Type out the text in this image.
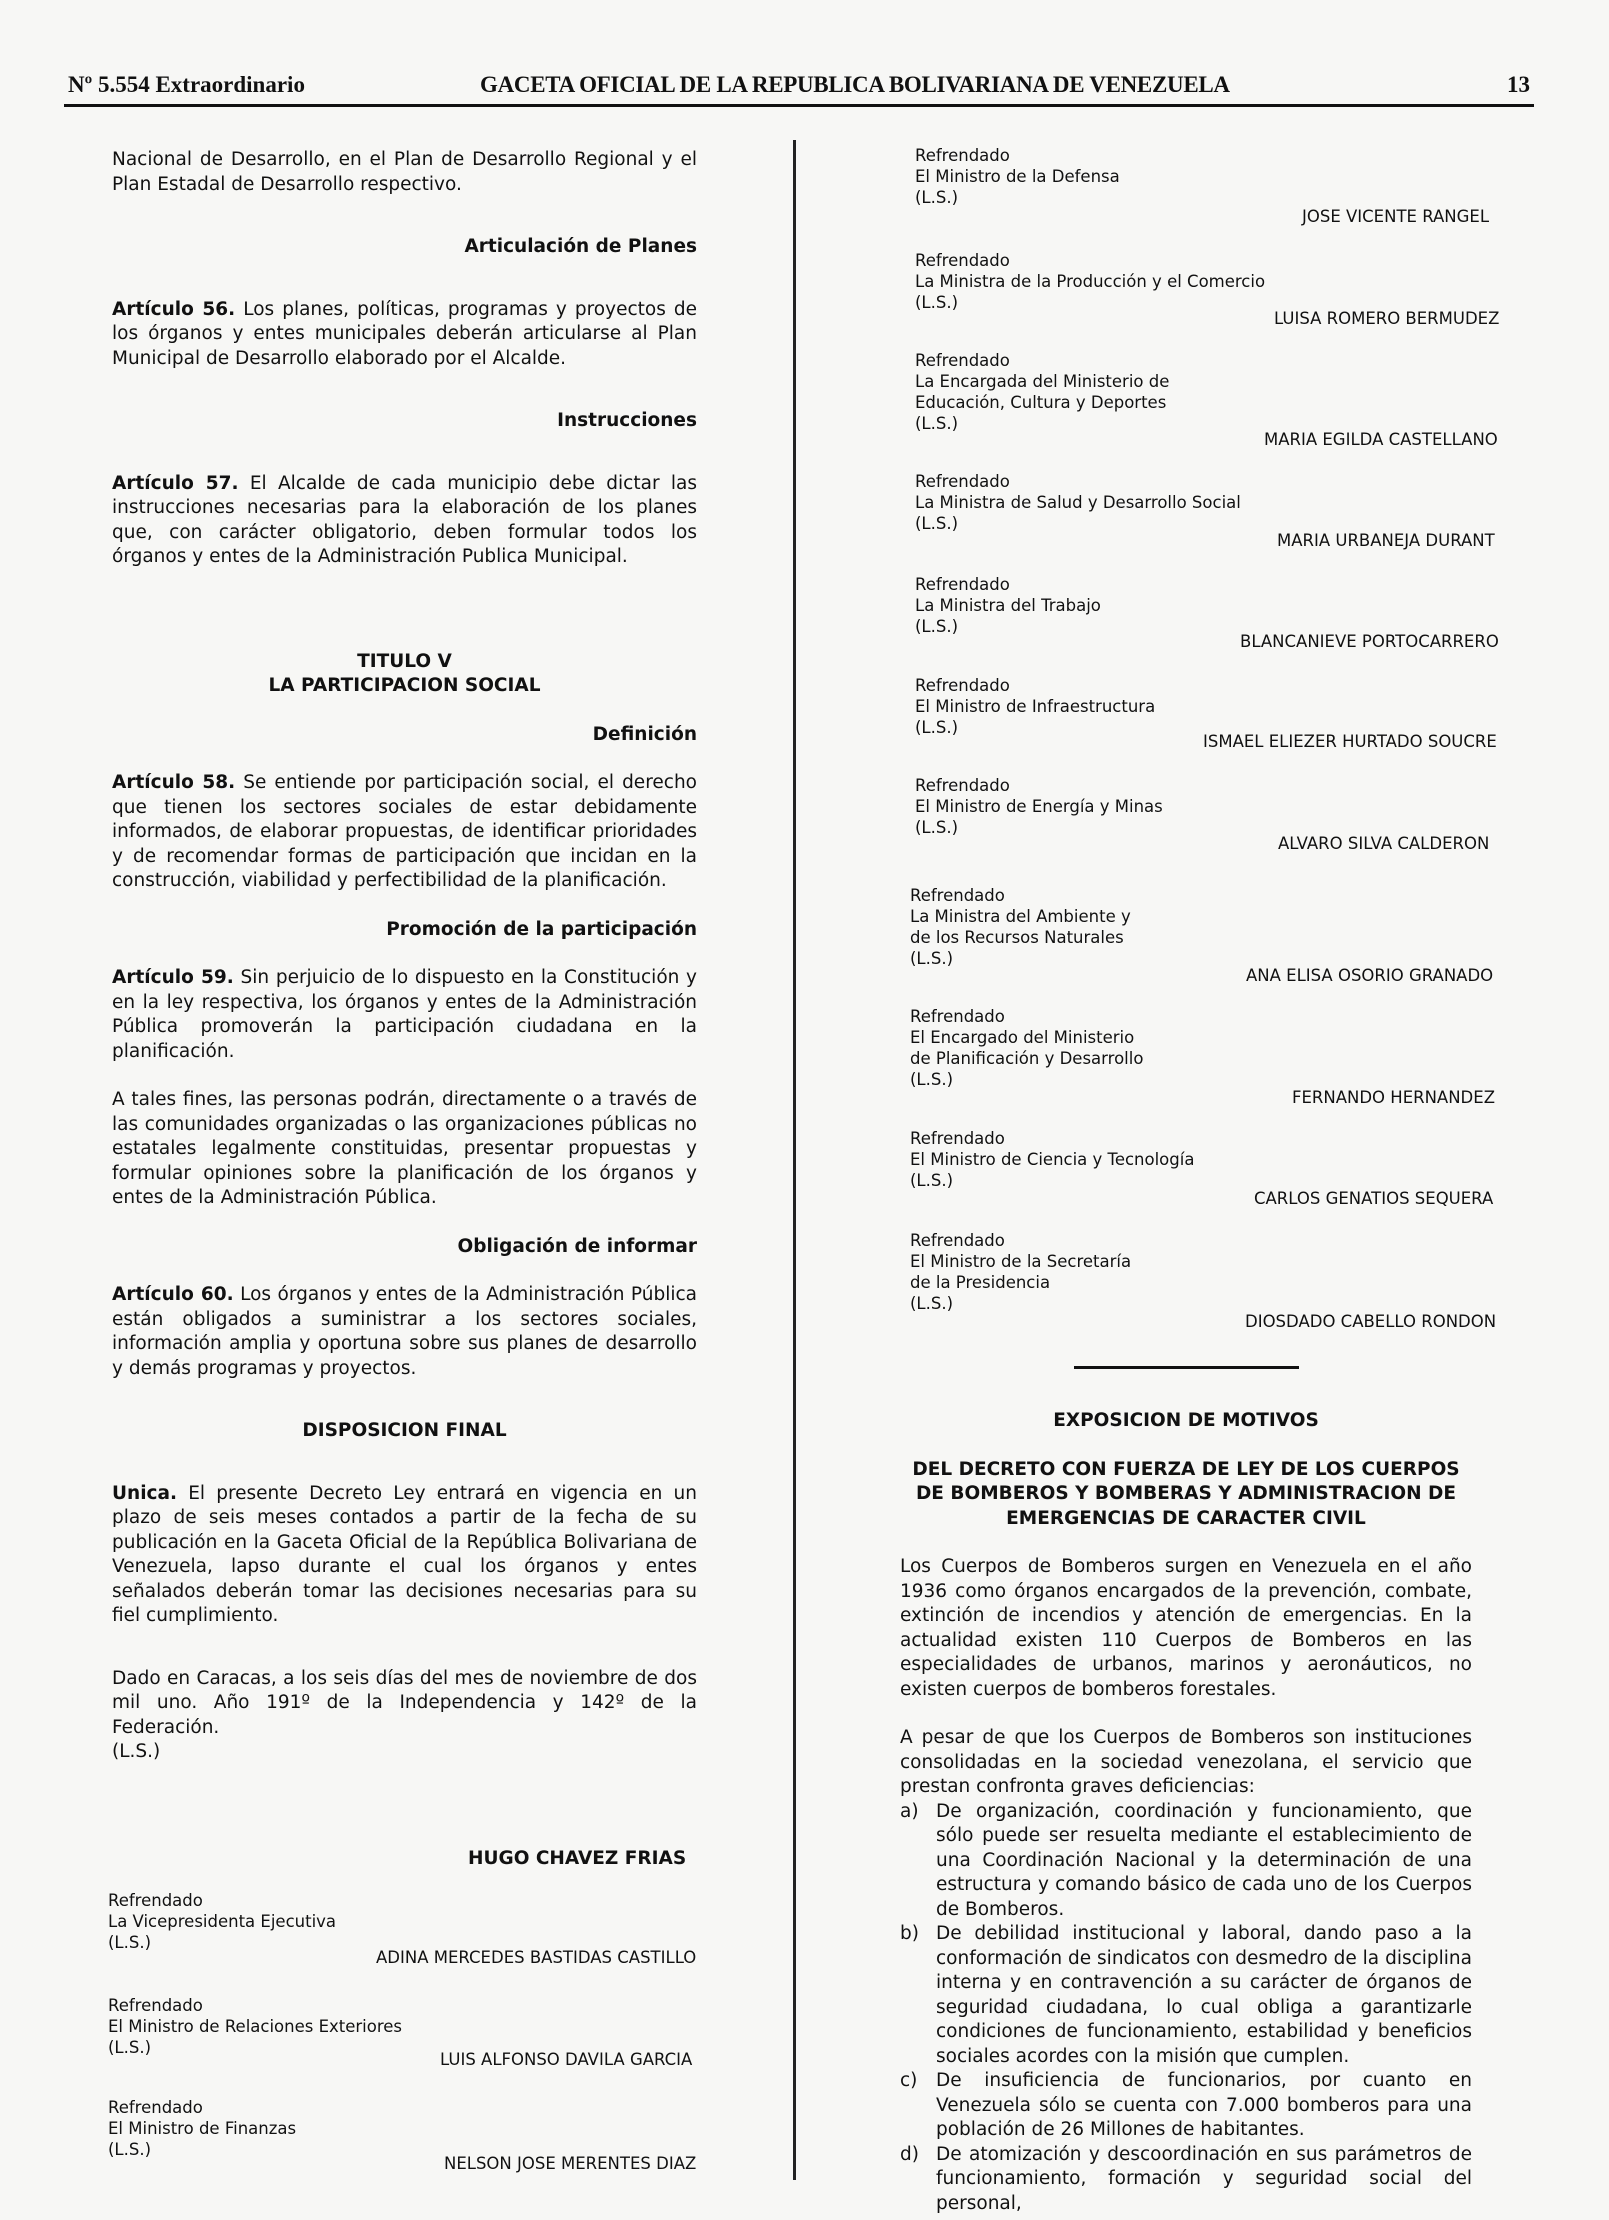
Nº 5.554 Extraordinario	GACETA OFICIAL DE LA REPUBLICA BOLIVARIANA DE VENEZUELA	13

Nacional de Desarrollo, en el Plan de Desarrollo Regional y el Plan Estadal de Desarrollo respectivo.

Articulación de Planes

Artículo 56. Los planes, políticas, programas y proyectos de los órganos y entes municipales deberán articularse al Plan Municipal de Desarrollo elaborado por el Alcalde.

Instrucciones

Artículo 57. El Alcalde de cada municipio debe dictar las instrucciones necesarias para la elaboración de los planes que, con carácter obligatorio, deben formular todos los órganos y entes de la Administración Publica Municipal.

TITULO V

LA PARTICIPACION SOCIAL

Definición

Artículo 58. Se entiende por participación social, el derecho que tienen los sectores sociales de estar debidamente informados, de elaborar propuestas, de identificar prioridades y de recomendar formas de participación que incidan en la construcción, viabilidad y perfectibilidad de la planificación.

Promoción de la participación

Artículo 59. Sin perjuicio de lo dispuesto en la Constitución y en la ley respectiva, los órganos y entes de la Administración Pública promoverán la participación ciudadana en la planificación.

A tales fines, las personas podrán, directamente o a través de las comunidades organizadas o las organizaciones públicas no estatales legalmente constituidas, presentar propuestas y formular opiniones sobre la planificación de los órganos y entes de la Administración Pública.

Obligación de informar

Artículo 60. Los órganos y entes de la Administración Pública están obligados a suministrar a los sectores sociales, información amplia y oportuna sobre sus planes de desarrollo y demás programas y proyectos.

DISPOSICION FINAL

Unica. El presente Decreto Ley entrará en vigencia en un plazo de seis meses contados a partir de la fecha de su publicación en la Gaceta Oficial de la República Bolivariana de Venezuela, lapso durante el cual los órganos y entes señalados deberán tomar las decisiones necesarias para su fiel cumplimiento.

Dado en Caracas, a los seis días del mes de noviembre de dos mil uno. Año 191º de la Independencia y 142º de la Federación.

(L.S.)

HUGO CHAVEZ FRIAS
Refrendado
La Vicepresidenta Ejecutiva
(L.S.)
ADINA MERCEDES BASTIDAS CASTILLO
Refrendado
El Ministro de Relaciones Exteriores
(L.S.)
LUIS ALFONSO DAVILA GARCIA
Refrendado
El Ministro de Finanzas
(L.S.)
NELSON JOSE MERENTES DIAZ
Refrendado
El Ministro de la Defensa
(L.S.)
JOSE VICENTE RANGEL
Refrendado
La Ministra de la Producción y el Comercio
(L.S.)
LUISA ROMERO BERMUDEZ
Refrendado
La Encargada del Ministerio de Educación, Cultura y Deportes
(L.S.)
MARIA EGILDA CASTELLANO
Refrendado
La Ministra de Salud y Desarrollo Social
(L.S.)
MARIA URBANEJA DURANT
Refrendado
La Ministra del Trabajo
(L.S.)
BLANCANIEVE PORTOCARRERO
Refrendado
El Ministro de Infraestructura
(L.S.)
ISMAEL ELIEZER HURTADO SOUCRE
Refrendado
El Ministro de Energía y Minas
(L.S.)
ALVARO SILVA CALDERON
Refrendado
La Ministra del Ambiente y de los Recursos Naturales
(L.S.)
ANA ELISA OSORIO GRANADO
Refrendado
El Encargado del Ministerio de Planificación y Desarrollo
(L.S.)
FERNANDO HERNANDEZ
Refrendado
El Ministro de Ciencia y Tecnología
(L.S.)
CARLOS GENATIOS SEQUERA
Refrendado
El Ministro de la Secretaría de la Presidencia
(L.S.)
DIOSDADO CABELLO RONDON

EXPOSICION DE MOTIVOS

DEL DECRETO CON FUERZA DE LEY DE LOS CUERPOS DE BOMBEROS Y BOMBERAS Y ADMINISTRACION DE EMERGENCIAS DE CARACTER CIVIL

Los Cuerpos de Bomberos surgen en Venezuela en el año 1936 como órganos encargados de la prevención, combate, extinción de incendios y atención de emergencias. En la actualidad existen 110 Cuerpos de Bomberos en las especialidades de urbanos, marinos y aeronáuticos, no existen cuerpos de bomberos forestales.

A pesar de que los Cuerpos de Bomberos son instituciones consolidadas en la sociedad venezolana, el servicio que prestan confronta graves deficiencias:

a) De organización, coordinación y funcionamiento, que sólo puede ser resuelta mediante el establecimiento de una Coordinación Nacional y la determinación de una estructura y comando básico de cada uno de los Cuerpos de Bomberos.
b) De debilidad institucional y laboral, dando paso a la conformación de sindicatos con desmedro de la disciplina interna y en contravención a su carácter de órganos de seguridad ciudadana, lo cual obliga a garantizarle condiciones de funcionamiento, estabilidad y beneficios sociales acordes con la misión que cumplen.
c) De insuficiencia de funcionarios, por cuanto en Venezuela sólo se cuenta con 7.000 bomberos para una población de 26 Millones de habitantes.
d) De atomización y descoordinación en sus parámetros de funcionamiento, formación y seguridad social del personal,
